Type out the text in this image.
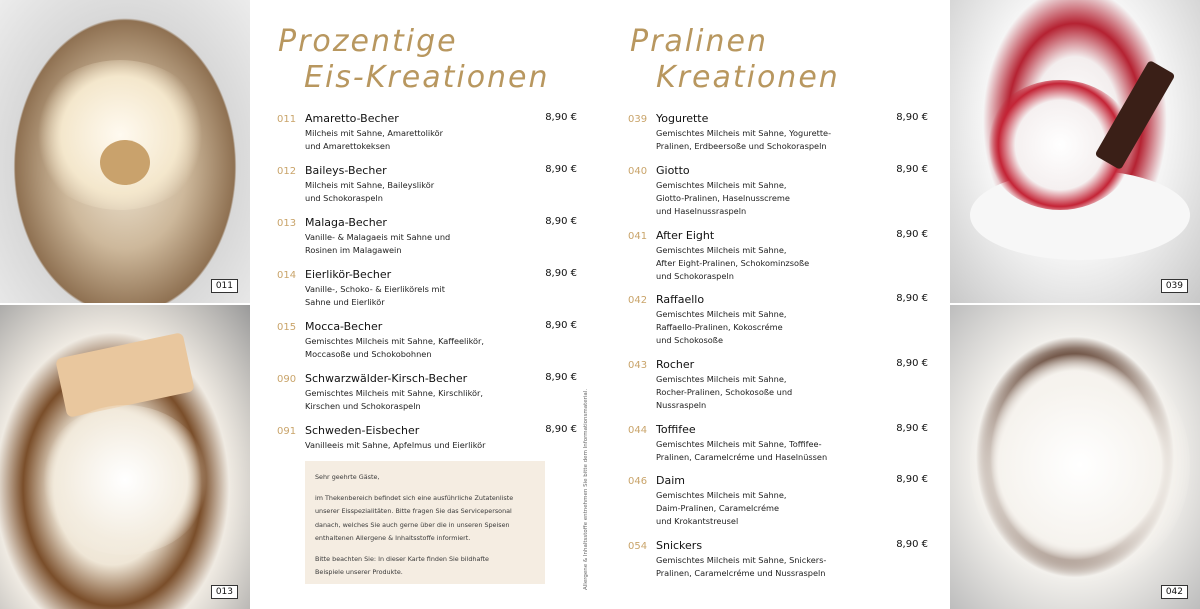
011
013
039
042
Prozentige
Eis-Kreationen
Pralinen
Kreationen
011 Amaretto-Becher	8,90 €
Milcheis mit Sahne, Amarettolikör
und Amarettokeksen

012 Baileys-Becher	8,90 €
Milcheis mit Sahne, Baileyslikör
und Schokoraspeln

013 Malaga-Becher	8,90 €
Vanille- & Malagaeis mit Sahne und
Rosinen im Malagawein

014 Eierlikör-Becher	8,90 €
Vanille-, Schoko- & Eierlikörels mit
Sahne und Eierlikör

015 Mocca-Becher	8,90 €
Gemischtes Milcheis mit Sahne, Kaffeelikör,
Moccasoße und Schokobohnen

090 Schwarzwälder-Kirsch-Becher	8,90 €
Gemischtes Milcheis mit Sahne, Kirschlikör,
Kirschen und Schokoraspeln

091 Schweden-Eisbecher	8,90 €
Vanilleeis mit Sahne, Apfelmus und Eierlikör

039 Yogurette	8,90 €
Gemischtes Milcheis mit Sahne, Yogurette-
Pralinen, Erdbeersoße und Schokoraspeln

040 Giotto	8,90 €
Gemischtes Milcheis mit Sahne,
Giotto-Pralinen, Haselnusscreme
und Haselnussraspeln

041 After Eight	8,90 €
Gemischtes Milcheis mit Sahne,
After Eight-Pralinen, Schokominzsoße
und Schokoraspeln

042 Raffaello	8,90 €
Gemischtes Milcheis mit Sahne,
Raffaello-Pralinen, Kokoscréme
und Schokosoße

043 Rocher	8,90 €
Gemischtes Milcheis mit Sahne,
Rocher-Pralinen, Schokosoße und
Nussraspeln

044 Toffifee	8,90 €
Gemischtes Milcheis mit Sahne, Toffifee-
Pralinen, Caramelcréme und Haselnüssen

046 Daim	8,90 €
Gemischtes Milcheis mit Sahne,
Daim-Pralinen, Caramelcréme
und Krokantstreusel

054 Snickers	8,90 €
Gemischtes Milcheis mit Sahne, Snickers-
Pralinen, Caramelcréme und Nussraspeln

Sehr geehrte Gäste,

im Thekenbereich befindet sich eine ausführliche Zutatenliste
unserer Eisspezialitäten. Bitte fragen Sie das Servicepersonal
danach, welches Sie auch gerne über die in unseren Speisen
enthaltenen Allergene & Inhaltsstoffe informiert.

Bitte beachten Sie: In dieser Karte finden Sie bildhafte
Beispiele unserer Produkte.	Allergene & Inhaltsstoffe entnehmen Sie bitte dem Informationsmaterial.
